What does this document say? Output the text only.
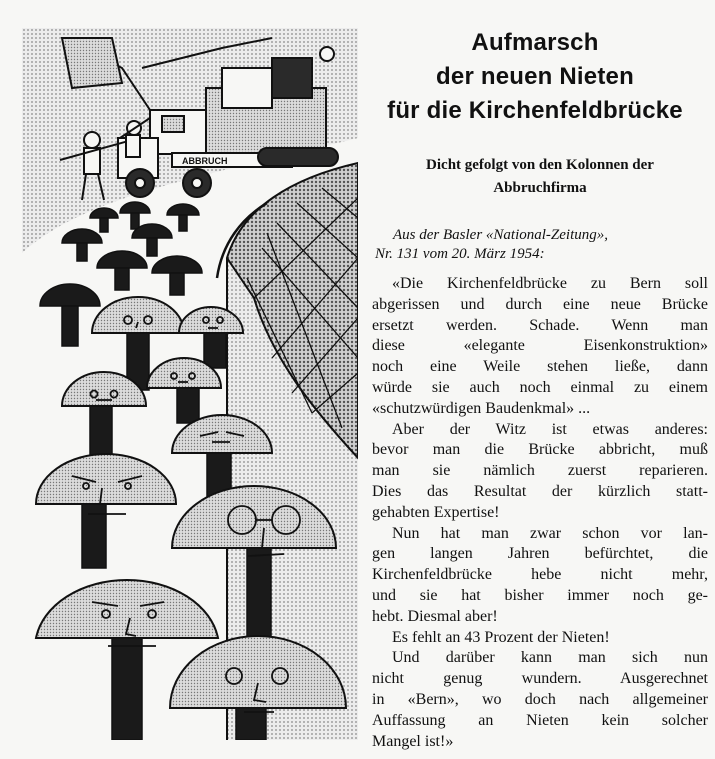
ABBRUCH
Aufmarsch
der neuen Nieten
für die Kirchenfeldbrücke
Dicht gefolgt von den Kolonnen der
Abbruchfirma
Aus der Basler «National-Zeitung»,
Nr. 131 vom 20. März 1954:
«Die Kirchenfeldbrücke zu Bern soll
abgerissen und durch eine neue Brücke
ersetzt werden. Schade. Wenn man
diese «elegante Eisenkonstruktion»
noch eine Weile stehen ließe, dann
würde sie auch noch einmal zu einem
«schutzwürdigen Baudenkmal» ...
Aber der Witz ist etwas anderes:
bevor man die Brücke abbricht, muß
man sie nämlich zuerst reparieren.
Dies das Resultat der kürzlich statt-
gehabten Expertise!
Nun hat man zwar schon vor lan-
gen langen Jahren befürchtet, die
Kirchenfeldbrücke hebe nicht mehr,
und sie hat bisher immer noch ge-
hebt. Diesmal aber!
Es fehlt an 43 Prozent der Nieten!
Und darüber kann man sich nun
nicht genug wundern. Ausgerechnet
in «Bern», wo doch nach allgemeiner
Auffassung an Nieten kein solcher
Mangel ist!»
